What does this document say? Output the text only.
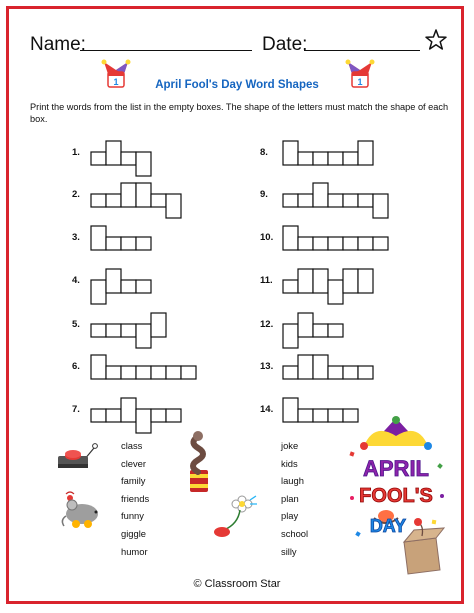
Name:	Date:
1	1
April Fool's Day Word Shapes
Print the words from the list in the empty boxes. The shape of the letters must match the shape of each box.
1.
2.
3.
4.
5.
6.
7.
8.
9.
10.
11.
12.
13.
14.
class
clever
family
friends
funny
giggle
humor
joke
kids
laugh
plan
play
school
silly
APRIL
FOOL'S
DAY
© Classroom Star
